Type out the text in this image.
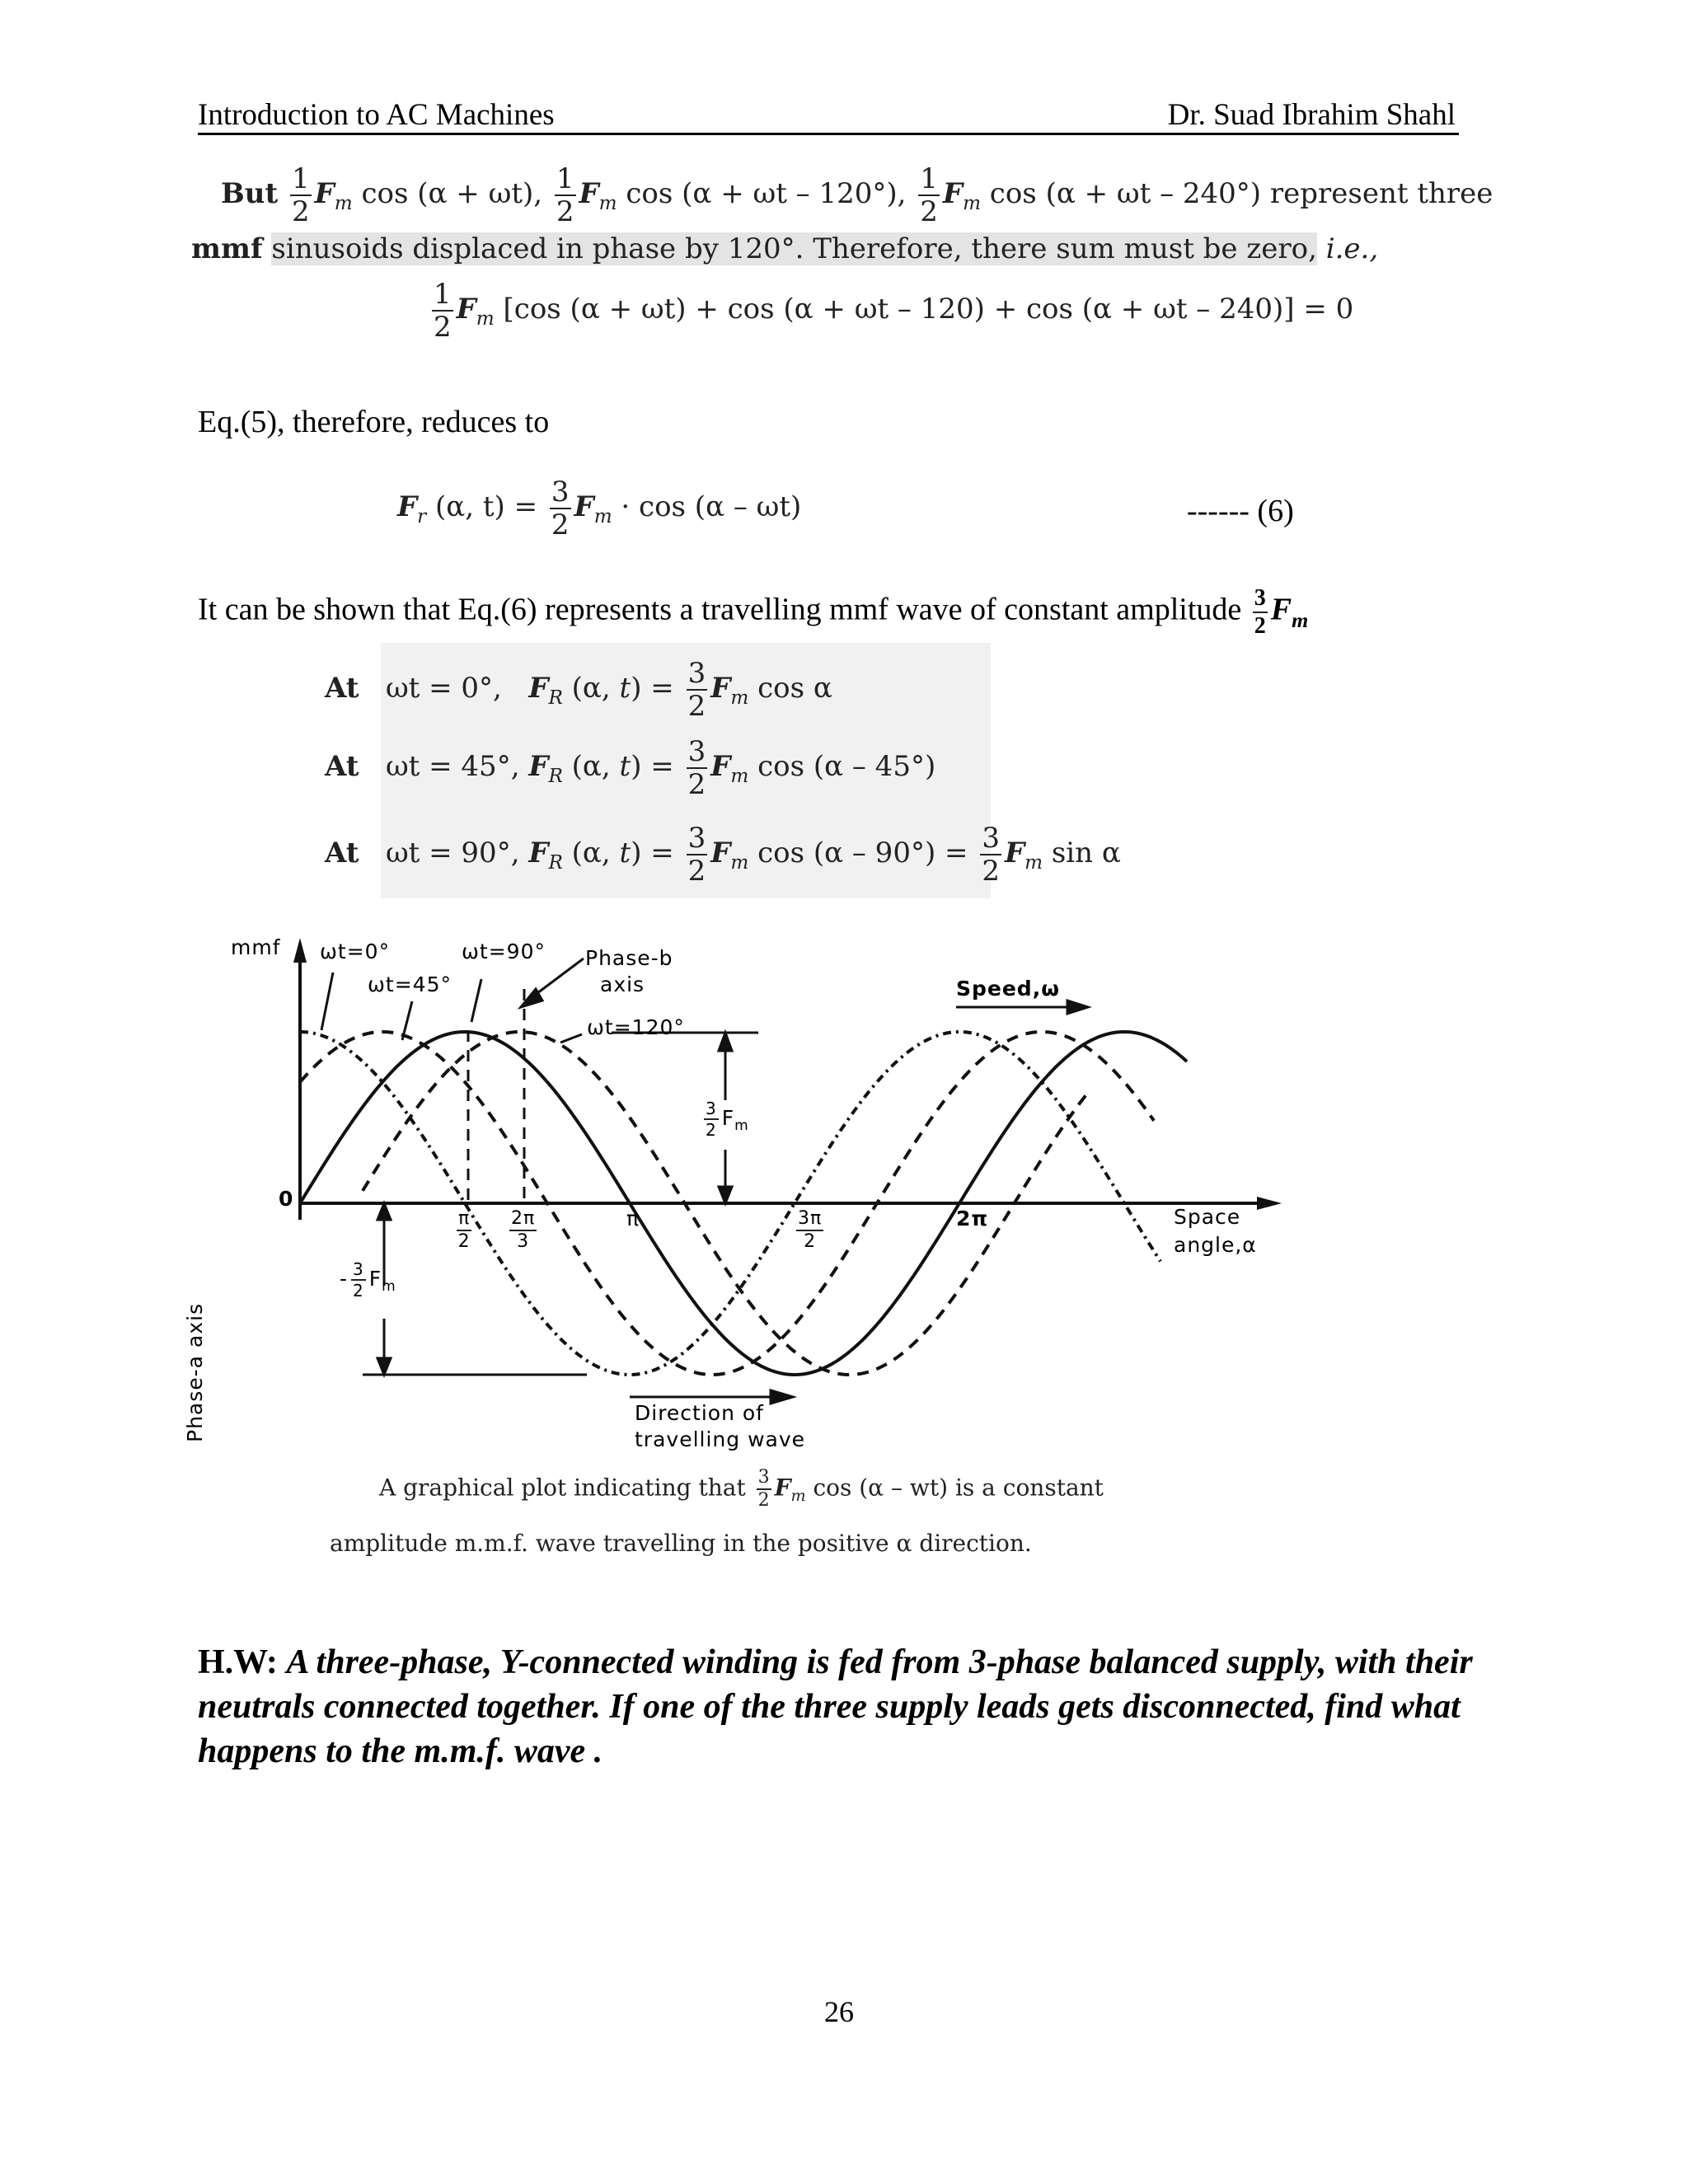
Introduction to AC Machines	Dr. Suad Ibrahim Shahl
But $\frac{1}{2} F_m$ cos (α + ωt), $\frac{1}{2} F_m$ cos (α + ωt – 120°), $\frac{1}{2} F_m$ cos (α + ωt – 240°) represent three
mmf sinusoids displaced in phase by 120°. Therefore, there sum must be zero, i.e.,
$\frac{1}{2} F_m$ [cos (α + ωt) + cos (α + ωt – 120) + cos (α + ωt – 240)] = 0
Eq.(5), therefore, reduces to
$F_r$ (α, $t) = \frac{3}{2} F_m \cdot \cos (\alpha - \omega t)$	------ (6)
It can be shown that Eq.(6) represents a travelling mmf wave of constant amplitude $\frac{3}{2} F_m$
At ωt = 0°, $F_R$ (α, $t) = \frac{3}{2} F_m$ cos α
At ωt = 45°, $F_R$ (α, $t) = \frac{3}{2} F_m$ cos (α – 45°)
At ωt = 90°, $F_R$ (α, $t) = \frac{3}{2} F_m$ $\cos (\alpha - 90^\circ) = \frac{3}{2} F_m$ sin α
mmf ωt=0°
ωt=45°
ωt=90° Phase-b
axis
ωt=120°
Speed,ω
$\frac{3}{2} F_m$
- $\frac{3}{2} F_m$
0
$\frac{\pi}{2} \frac{2\pi}{3}$	π	$\frac{3\pi}{2}$	2π	Space
angle,α
Direction of
travelling wave
Phase-a axis
A graphical plot indicating that $\frac{3}{2} F_m$ cos (α – wt) is a constant
amplitude m.m.f. wave travelling in the positive α direction.
H.W: A three-phase, Y-connected winding is fed from 3-phase balanced supply, with their neutrals connected together. If one of the three supply leads gets disconnected, find what happens to the m.m.f. wave .
26
